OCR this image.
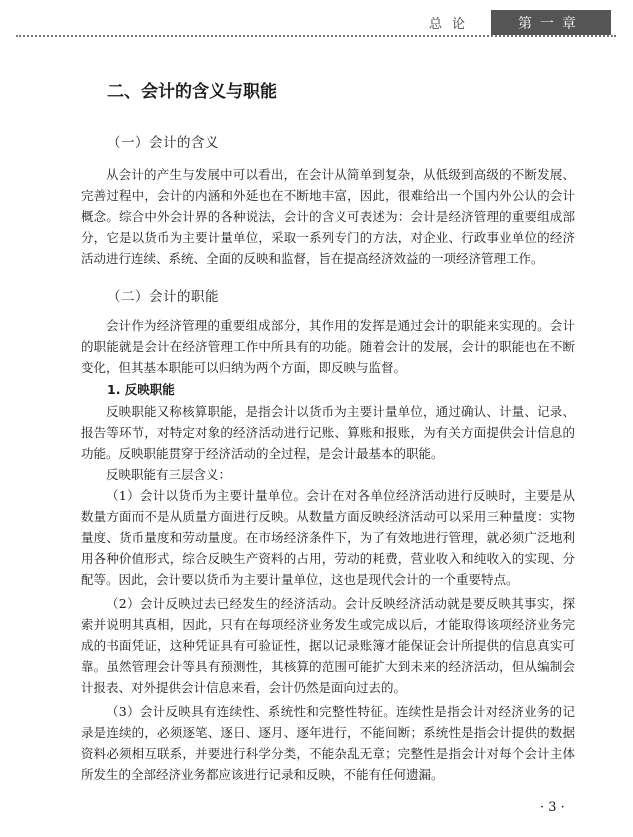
总论	第一章
二、会计的含义与职能
（一）会计的含义
从会计的产生与发展中可以看出，在会计从简单到复杂，从低级到高级的不断发展、完善过程中，会计的内涵和外延也在不断地丰富，因此，很难给出一个国内外公认的会计概念。综合中外会计界的各种说法，会计的含义可表述为：会计是经济管理的重要组成部分，它是以货币为主要计量单位，采取一系列专门的方法，对企业、行政事业单位的经济活动进行连续、系统、全面的反映和监督，旨在提高经济效益的一项经济管理工作。
（二）会计的职能
会计作为经济管理的重要组成部分，其作用的发挥是通过会计的职能来实现的。会计的职能就是会计在经济管理工作中所具有的功能。随着会计的发展，会计的职能也在不断变化，但其基本职能可以归纳为两个方面，即反映与监督。
1. 反映职能
反映职能又称核算职能，是指会计以货币为主要计量单位，通过确认、计量、记录、报告等环节，对特定对象的经济活动进行记账、算账和报账，为有关方面提供会计信息的功能。反映职能贯穿于经济活动的全过程，是会计最基本的职能。
反映职能有三层含义：
（1）会计以货币为主要计量单位。会计在对各单位经济活动进行反映时，主要是从数量方面而不是从质量方面进行反映。从数量方面反映经济活动可以采用三种量度：实物量度、货币量度和劳动量度。在市场经济条件下，为了有效地进行管理，就必须广泛地利用各种价值形式，综合反映生产资料的占用，劳动的耗费，营业收入和纯收入的实现、分配等。因此，会计要以货币为主要计量单位，这也是现代会计的一个重要特点。
（2）会计反映过去已经发生的经济活动。会计反映经济活动就是要反映其事实，探索并说明其真相，因此，只有在每项经济业务发生或完成以后，才能取得该项经济业务完成的书面凭证，这种凭证具有可验证性，据以记录账簿才能保证会计所提供的信息真实可靠。虽然管理会计等具有预测性，其核算的范围可能扩大到未来的经济活动，但从编制会计报表、对外提供会计信息来看，会计仍然是面向过去的。
（3）会计反映具有连续性、系统性和完整性特征。连续性是指会计对经济业务的记录是连续的，必须逐笔、逐日、逐月、逐年进行，不能间断；系统性是指会计提供的数据资料必须相互联系，并要进行科学分类，不能杂乱无章；完整性是指会计对每个会计主体所发生的全部经济业务都应该进行记录和反映，不能有任何遗漏。
· 3 ·
